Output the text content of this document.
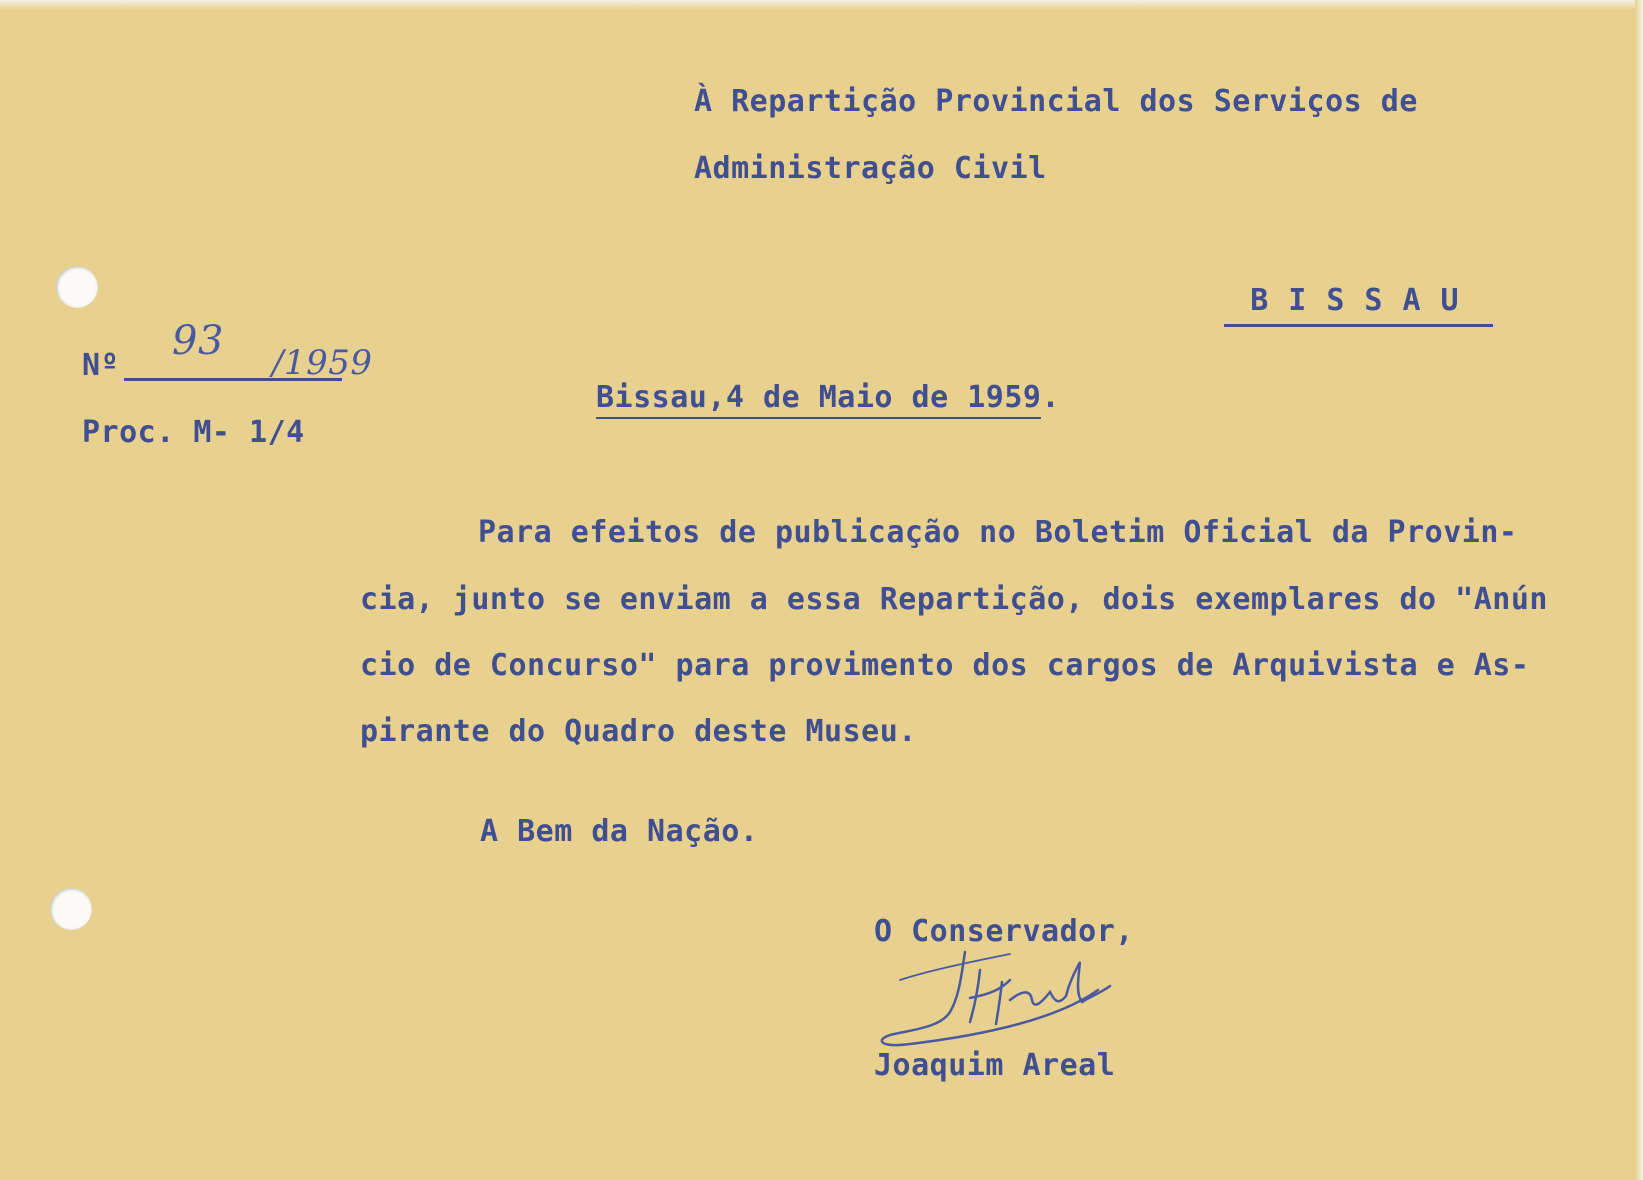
À Repartição Provincial dos Serviços de
Administração Civil

BISSAU

Nº
93 /1959
Proc. M- 1/4
Bissau,4 de Maio de 1959.
Para efeitos de publicação no Boletim Oficial da Provin-
cia, junto se enviam a essa Repartição, dois exemplares do "Anún
cio de Concurso" para provimento dos cargos de Arquivista e As-
pirante do Quadro deste Museu.
A Bem da Nação.
O Conservador,
Joaquim Areal
